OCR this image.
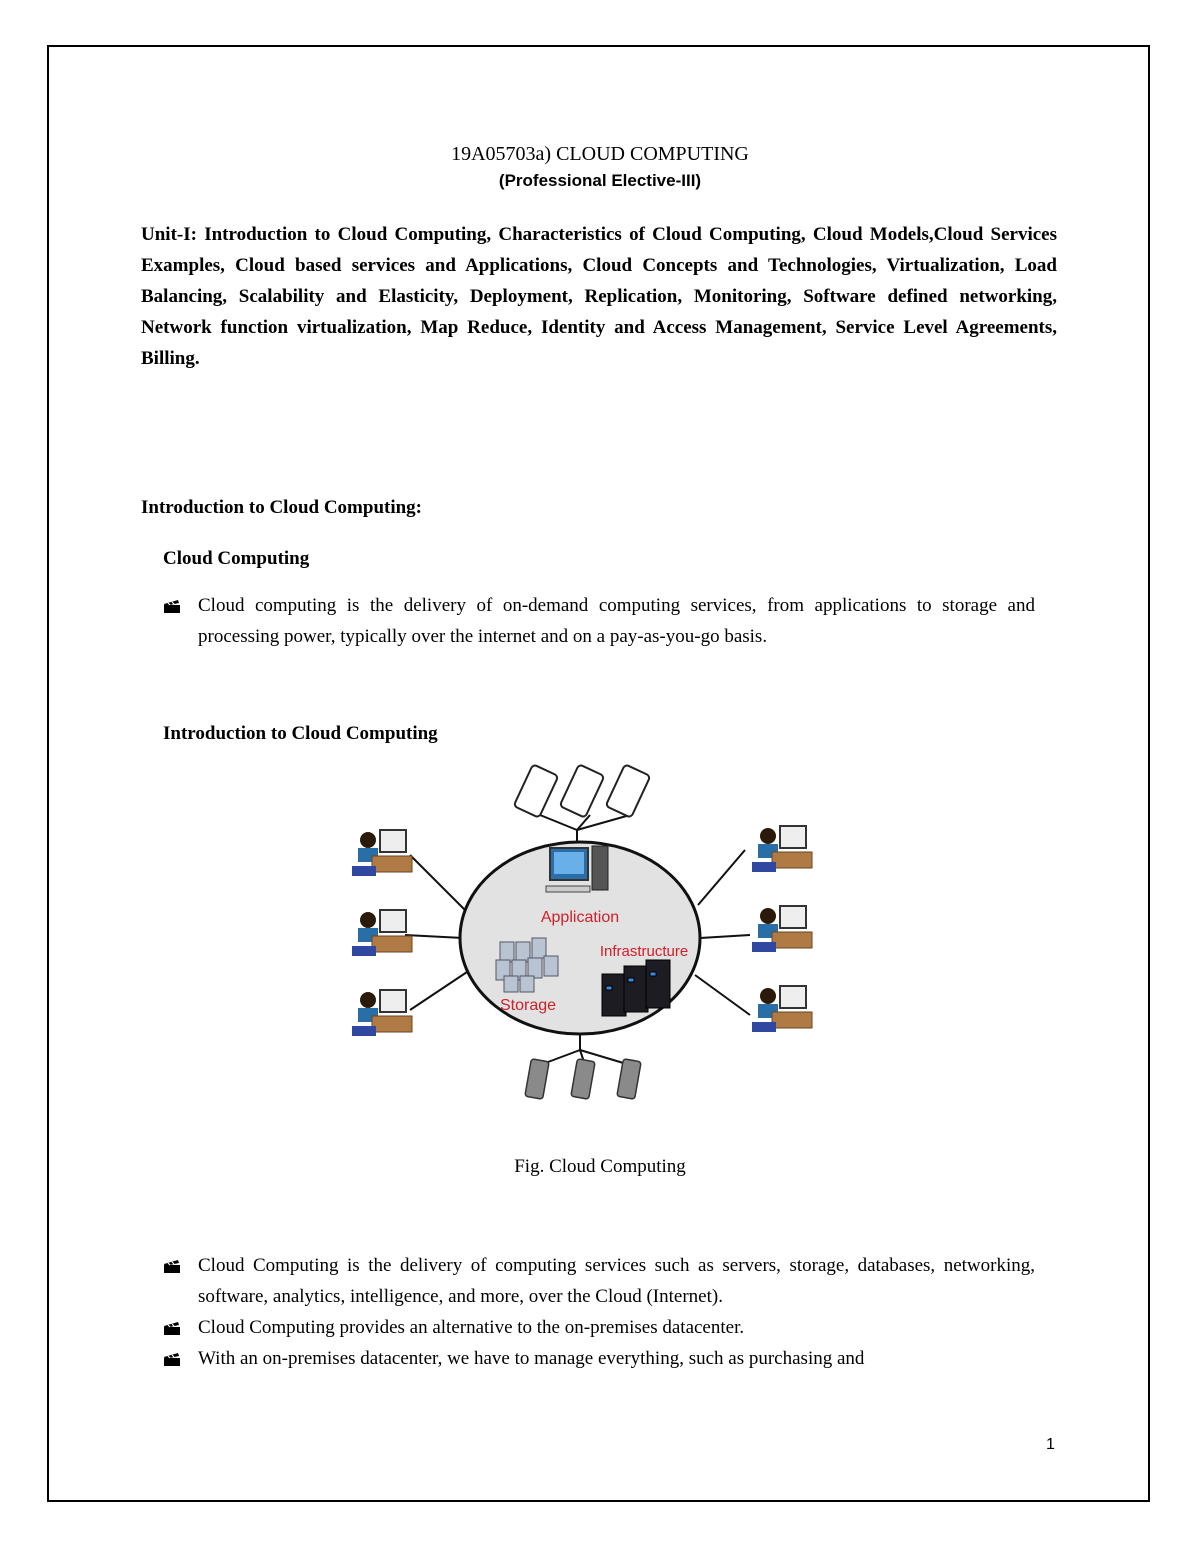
19A05703a) CLOUD COMPUTING
(Professional Elective-III)

Unit-I: Introduction to Cloud Computing, Characteristics of Cloud Computing, Cloud Models,Cloud Services Examples, Cloud based services and Applications, Cloud Concepts and Technologies, Virtualization, Load Balancing, Scalability and Elasticity, Deployment, Replication, Monitoring, Software defined networking, Network function virtualization, Map Reduce, Identity and Access Management, Service Level Agreements, Billing.

Introduction to Cloud Computing:
Cloud Computing
Cloud computing is the delivery of on-demand computing services, from applications to storage and processing power, typically over the internet and on a pay-as-you-go basis.
Introduction to Cloud Computing
Application
Storage
Infrastructure
Fig. Cloud Computing
Cloud Computing is the delivery of computing services such as servers, storage, databases, networking, software, analytics, intelligence, and more, over the Cloud (Internet).
Cloud Computing provides an alternative to the on-premises datacenter.
With an on-premises datacenter, we have to manage everything, such as purchasing and
1
